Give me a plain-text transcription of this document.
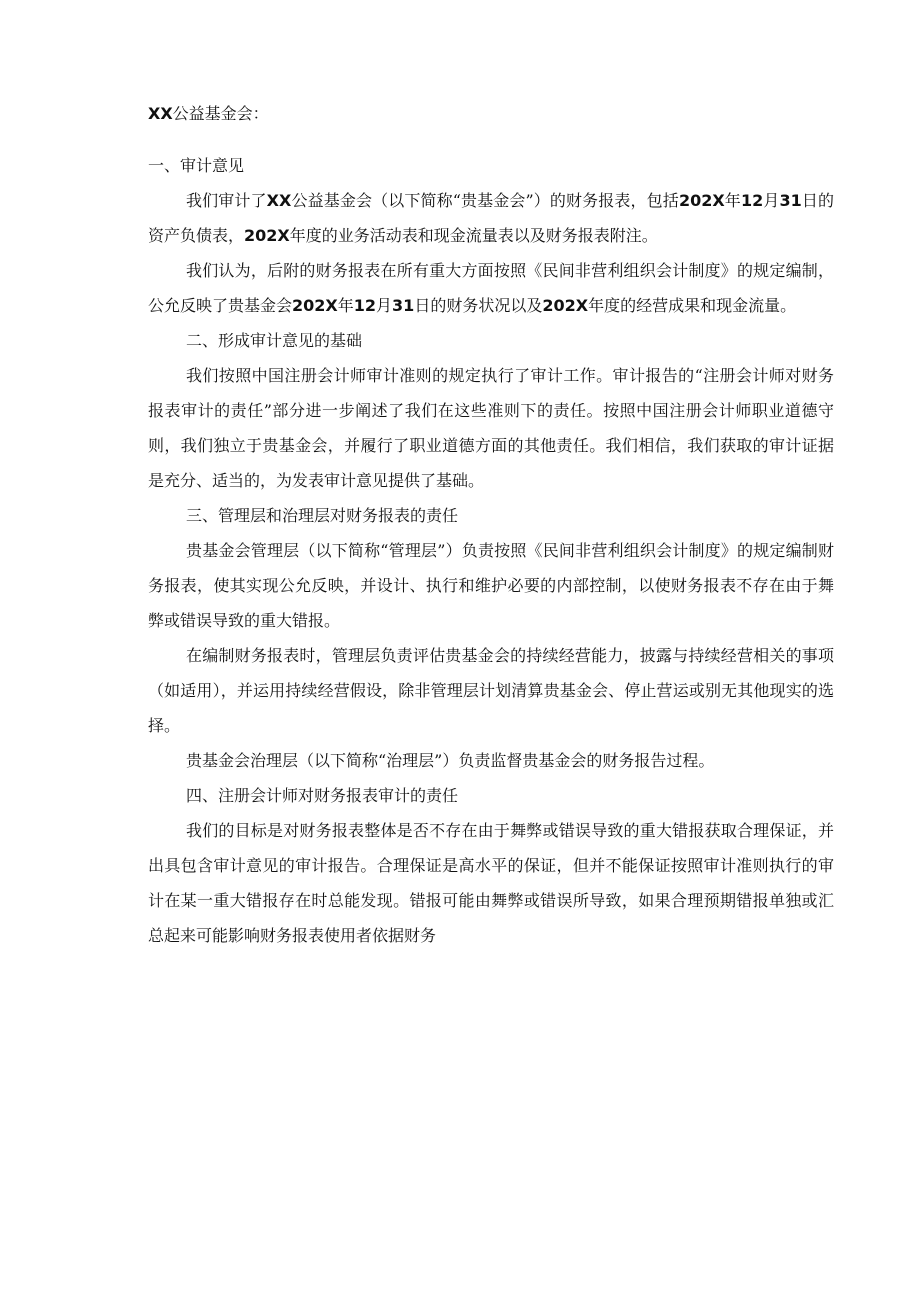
XX公益基金会：

一、审计意见

我们审计了XX公益基金会（以下简称“贵基金会”）的财务报表，包括202X年12月31日的资产负债表，202X年度的业务活动表和现金流量表以及财务报表附注。

我们认为，后附的财务报表在所有重大方面按照《民间非营利组织会计制度》的规定编制，公允反映了贵基金会202X年12月31日的财务状况以及202X年度的经营成果和现金流量。

二、形成审计意见的基础

我们按照中国注册会计师审计准则的规定执行了审计工作。审计报告的“注册会计师对财务报表审计的责任”部分进一步阐述了我们在这些准则下的责任。按照中国注册会计师职业道德守则，我们独立于贵基金会，并履行了职业道德方面的其他责任。我们相信，我们获取的审计证据是充分、适当的，为发表审计意见提供了基础。

三、管理层和治理层对财务报表的责任

贵基金会管理层（以下简称“管理层”）负责按照《民间非营利组织会计制度》的规定编制财务报表，使其实现公允反映，并设计、执行和维护必要的内部控制，以使财务报表不存在由于舞弊或错误导致的重大错报。

在编制财务报表时，管理层负责评估贵基金会的持续经营能力，披露与持续经营相关的事项（如适用），并运用持续经营假设，除非管理层计划清算贵基金会、停止营运或别无其他现实的选择。

贵基金会治理层（以下简称“治理层”）负责监督贵基金会的财务报告过程。

四、注册会计师对财务报表审计的责任

我们的目标是对财务报表整体是否不存在由于舞弊或错误导致的重大错报获取合理保证，并出具包含审计意见的审计报告。合理保证是高水平的保证，但并不能保证按照审计准则执行的审计在某一重大错报存在时总能发现。错报可能由舞弊或错误所导致，如果合理预期错报单独或汇总起来可能影响财务报表使用者依据财务
